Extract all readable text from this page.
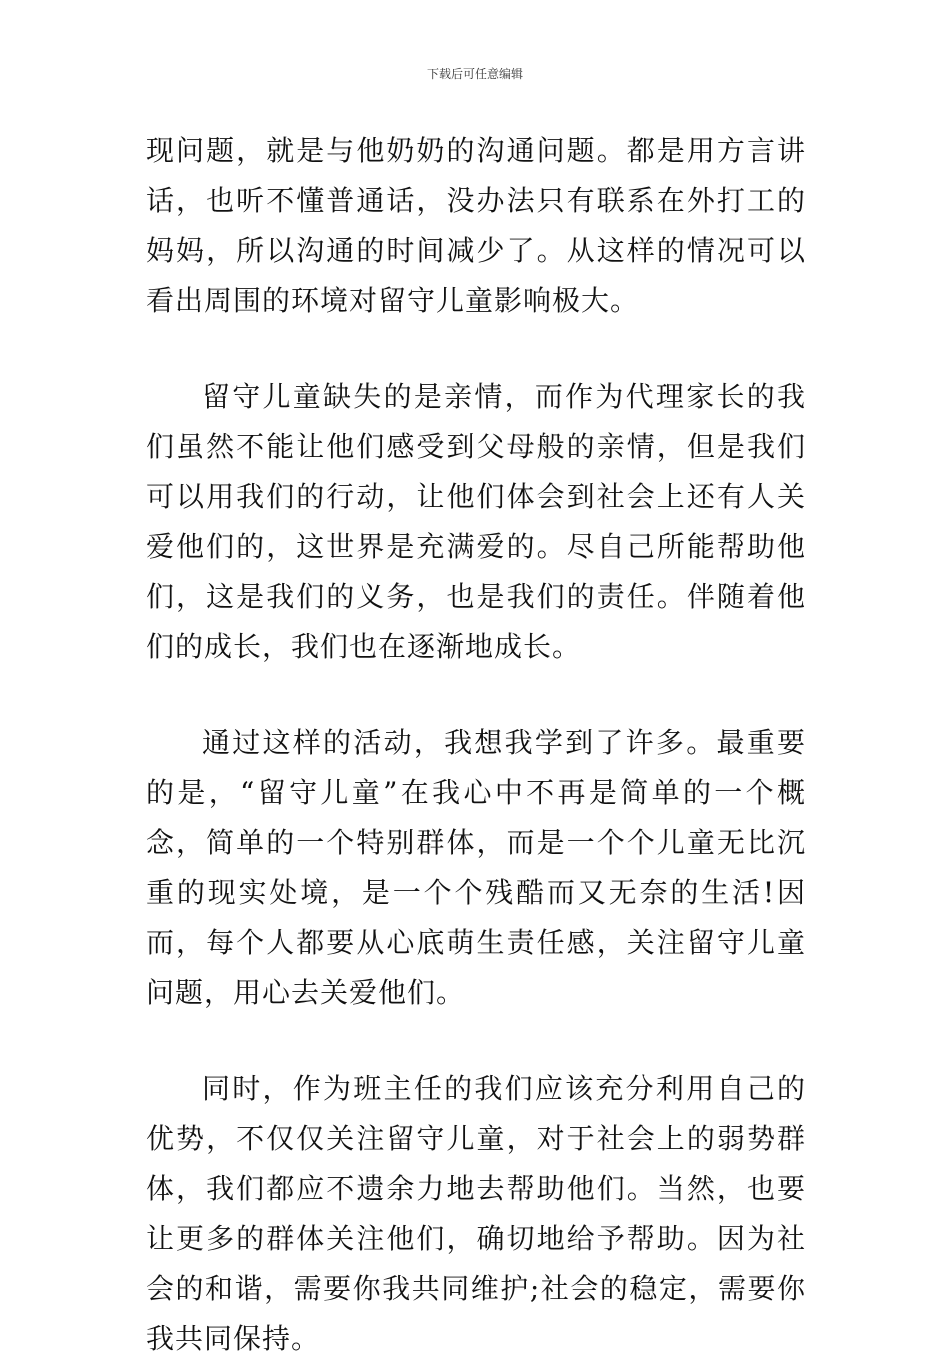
下载后可任意编辑

现问题，就是与他奶奶的沟通问题。都是用方言讲话，也听不懂普通话，没办法只有联系在外打工的妈妈，所以沟通的时间减少了。从这样的情况可以看出周围的环境对留守儿童影响极大。

留守儿童缺失的是亲情，而作为代理家长的我们虽然不能让他们感受到父母般的亲情，但是我们可以用我们的行动，让他们体会到社会上还有人关爱他们的，这世界是充满爱的。尽自己所能帮助他们，这是我们的义务，也是我们的责任。伴随着他们的成长，我们也在逐渐地成长。

通过这样的活动，我想我学到了许多。最重要的是，“留守儿童”在我心中不再是简单的一个概念，简单的一个特别群体，而是一个个儿童无比沉重的现实处境，是一个个残酷而又无奈的生活!因而，每个人都要从心底萌生责任感，关注留守儿童问题，用心去关爱他们。

同时，作为班主任的我们应该充分利用自己的优势，不仅仅关注留守儿童，对于社会上的弱势群体，我们都应不遗余力地去帮助他们。当然，也要让更多的群体关注他们，确切地给予帮助。因为社会的和谐，需要你我共同维护;社会的稳定，需要你我共同保持。
